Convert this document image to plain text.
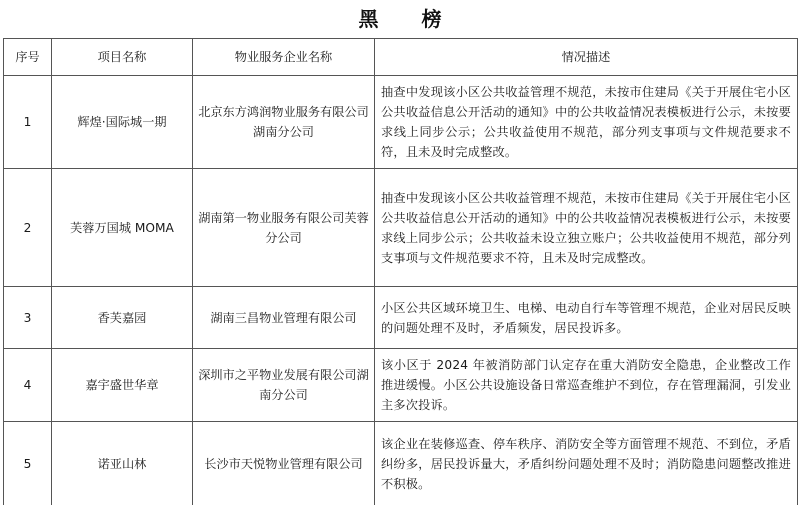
黑 榜
序号	项目名称	物业服务企业名称	情况描述
1	辉煌·国际城一期	北京东方鸿润物业服务有限公司湖南分公司	抽查中发现该小区公共收益管理不规范，未按市住建局《关于开展住宅小区公共收益信息公开活动的通知》中的公共收益情况表模板进行公示，未按要求线上同步公示；公共收益使用不规范，部分列支事项与文件规范要求不符，且未及时完成整改。
2	芙蓉万国城 MOMA	湖南第一物业服务有限公司芙蓉分公司	抽查中发现该小区公共收益管理不规范，未按市住建局《关于开展住宅小区公共收益信息公开活动的通知》中的公共收益情况表模板进行公示，未按要求线上同步公示；公共收益未设立独立账户；公共收益使用不规范，部分列支事项与文件规范要求不符，且未及时完成整改。
3	香芙嘉园	湖南三昌物业管理有限公司	小区公共区域环境卫生、电梯、电动自行车等管理不规范，企业对居民反映的问题处理不及时，矛盾频发，居民投诉多。
4	嘉宇盛世华章	深圳市之平物业发展有限公司湖南分公司	该小区于 2024 年被消防部门认定存在重大消防安全隐患，企业整改工作推进缓慢。小区公共设施设备日常巡查维护不到位，存在管理漏洞，引发业主多次投诉。
5	诺亚山林	长沙市天悦物业管理有限公司	该企业在装修巡查、停车秩序、消防安全等方面管理不规范、不到位，矛盾纠纷多，居民投诉量大，矛盾纠纷问题处理不及时；消防隐患问题整改推进不积极。
